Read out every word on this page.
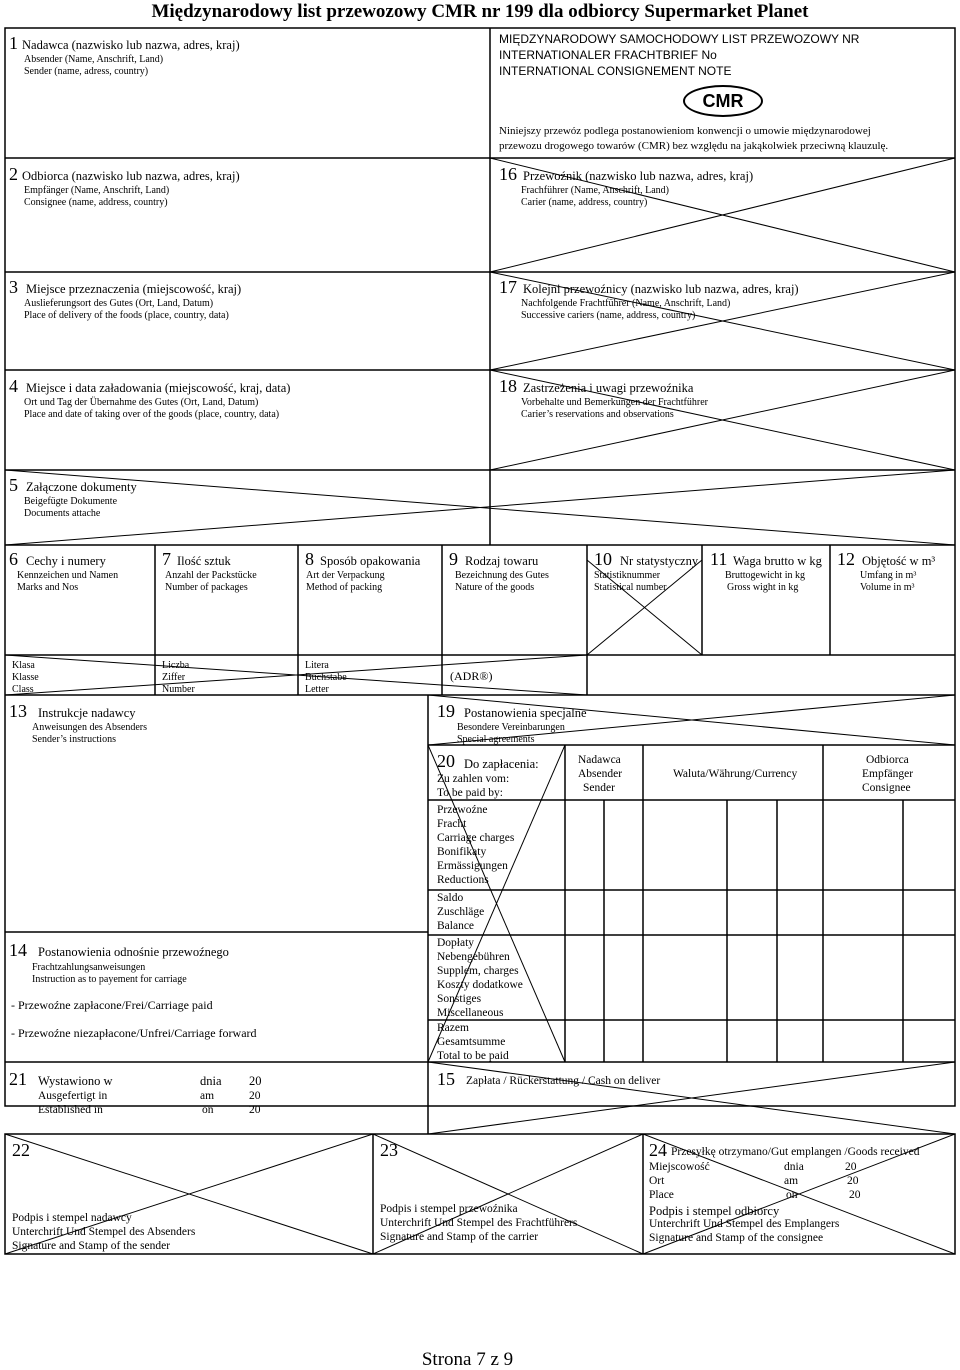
Międzynarodowy list przewozowy CMR nr 199 dla odbiorcy Supermarket Planet
1 Nadawca (nazwisko lub nazwa, adres, kraj)
Absender (Name, Anschrift, Land)
Sender (name, adress, country)
MIĘDZYNARODOWY SAMOCHODOWY LIST PRZEWOZOWY NR
INTERNATIONALER FRACHTBRIEF No
INTERNATIONAL CONSIGNEMENT NOTE
CMR
Niniejszy przewóz podlega postanowieniom konwencji o umowie międzynarodowej
przewozu drogowego towarów (CMR) bez względu na jakąkolwiek przeciwną klauzulę.
2 Odbiorca (nazwisko lub nazwa, adres, kraj)
Empfänger (Name, Anschrift, Land)
Consignee (name, address, country)
16 Przewoźnik (nazwisko lub nazwa, adres, kraj)
Frachführer (Name, Anschrift, Land)
Carier (name, address, country)
3 Miejsce przeznaczenia (miejscowość, kraj)
Auslieferungsort des Gutes (Ort, Land, Datum)
Place of delivery of the foods (place, country, data)
17 Kolejni przewoźnicy (nazwisko lub nazwa, adres, kraj)
Nachfolgende Frachtführer (Name, Anschrift, Land)
Successive cariers (name, address, country)
4 Miejsce i data załadowania (miejscowość, kraj, data)
Ort und Tag der Übernahme des Gutes (Ort, Land, Datum)
Place and date of taking over of the goods (place, country, data)
18 Zastrzeżenia i uwagi przewoźnika
Vorbehalte und Bemerkungen der Frachtführer
Carier’s reservations and observations
5 Załączone dokumenty
Beigefügte Dokumente
Documents attache
6 Cechy i numery
Kennzeichen und Namen
Marks and Nos
7 Ilość sztuk
Anzahl der Packstücke
Number of packages
8 Sposób opakowania
Art der Verpackung
Method of packing
9 Rodzaj towaru
Bezeichnung des Gutes
Nature of the goods
10 Nr statystyczny
Statistiknummer
Statistical number
11 Waga brutto w kg
Bruttogewicht in kg
Gross wight in kg
12 Objętość w m³
Umfang in m³
Volume in m³
Klasa
Klasse
Class
Liczba
Ziffer
Number
Litera
Buchstabe
Letter
(ADR®)
13 Instrukcje nadawcy
Anweisungen des Absenders
Sender’s instructions
19 Postanowienia specjalne
Besondere Vereinbarungen
Special agreements
20 Do zapłacenia:
Zu zahlen vom:
To be paid by:
Nadawca
Absender
Sender
Waluta/Währung/Currency
Odbiorca
Empfänger
Consignee
Przewoźne
Fracht
Carriage charges
Bonifikaty
Ermässigungen
Reductions
Saldo
Zuschläge
Balance
Dopłaty
Nebengebühren
Supplem, charges
Koszty dodatkowe
Sonstiges
Miscellaneous
Razem
Gesamtsumme
Total to be paid
14 Postanowienia odnośnie przewoźnego
Frachtzahlungsanweisungen
Instruction as to payement for carriage
- Przewoźne zapłacone/Frei/Carriage paid
- Przewoźne niezapłacone/Unfrei/Carriage forward
21 Wystawiono w
Ausgefertigt in
Established in
dnia
am
on
20
20
20
15 Zapłata / Rückerstattung / Cash on deliver
22
Podpis i stempel nadawcy
Unterchrift Und Stempel des Absenders
Signature and Stamp of the sender
23
Podpis i stempel przewoźnika
Unterchrift Und Stempel des Frachtführers
Signature and Stamp of the carrier
24 Przesyłkę otrzymano/Gut emplangen /Goods received
Miejscowość
Ort
Place
dnia
am
on
20
20
20
Podpis i stempel odbiorcy
Unterchrift Und Stempel des Emplangers
Signature and Stamp of the consignee
Strona 7 z 9
